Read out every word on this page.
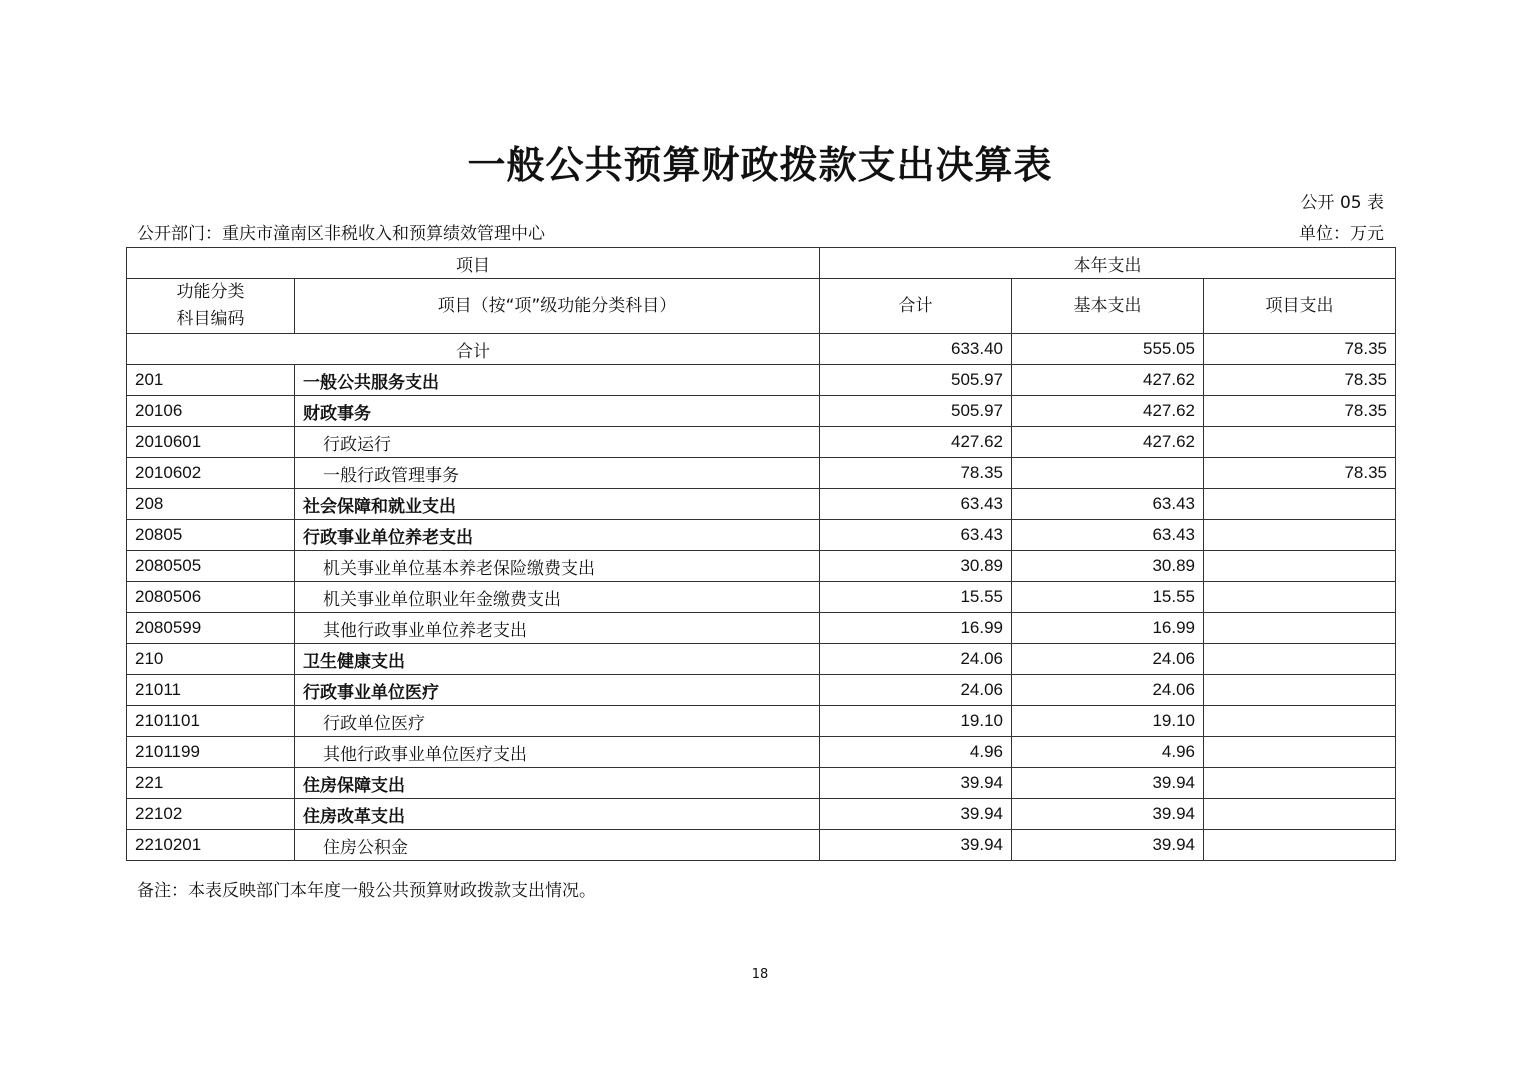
一般公共预算财政拨款支出决算表
公开 05 表
公开部门：重庆市潼南区非税收入和预算绩效管理中心	单位：万元
项目		本年支出		

功能分类
科目编码	项目（按“项”级功能分类科目）	合计	基本支出	项目支出
合计		633.40	555.05	78.35
201	一般公共服务支出	505.97	427.62	78.35
20106	财政事务	505.97	427.62	78.35
2010601	行政运行	427.62	427.62	
2010602	一般行政管理事务	78.35		78.35
208	社会保障和就业支出	63.43	63.43	
20805	行政事业单位养老支出	63.43	63.43	
2080505	机关事业单位基本养老保险缴费支出	30.89	30.89	
2080506	机关事业单位职业年金缴费支出	15.55	15.55	
2080599	其他行政事业单位养老支出	16.99	16.99	
210	卫生健康支出	24.06	24.06	
21011	行政事业单位医疗	24.06	24.06	
2101101	行政单位医疗	19.10	19.10	
2101199	其他行政事业单位医疗支出	4.96	4.96	
221	住房保障支出	39.94	39.94	
22102	住房改革支出	39.94	39.94	
2210201	住房公积金	39.94	39.94	
备注：本表反映部门本年度一般公共预算财政拨款支出情况。
18
